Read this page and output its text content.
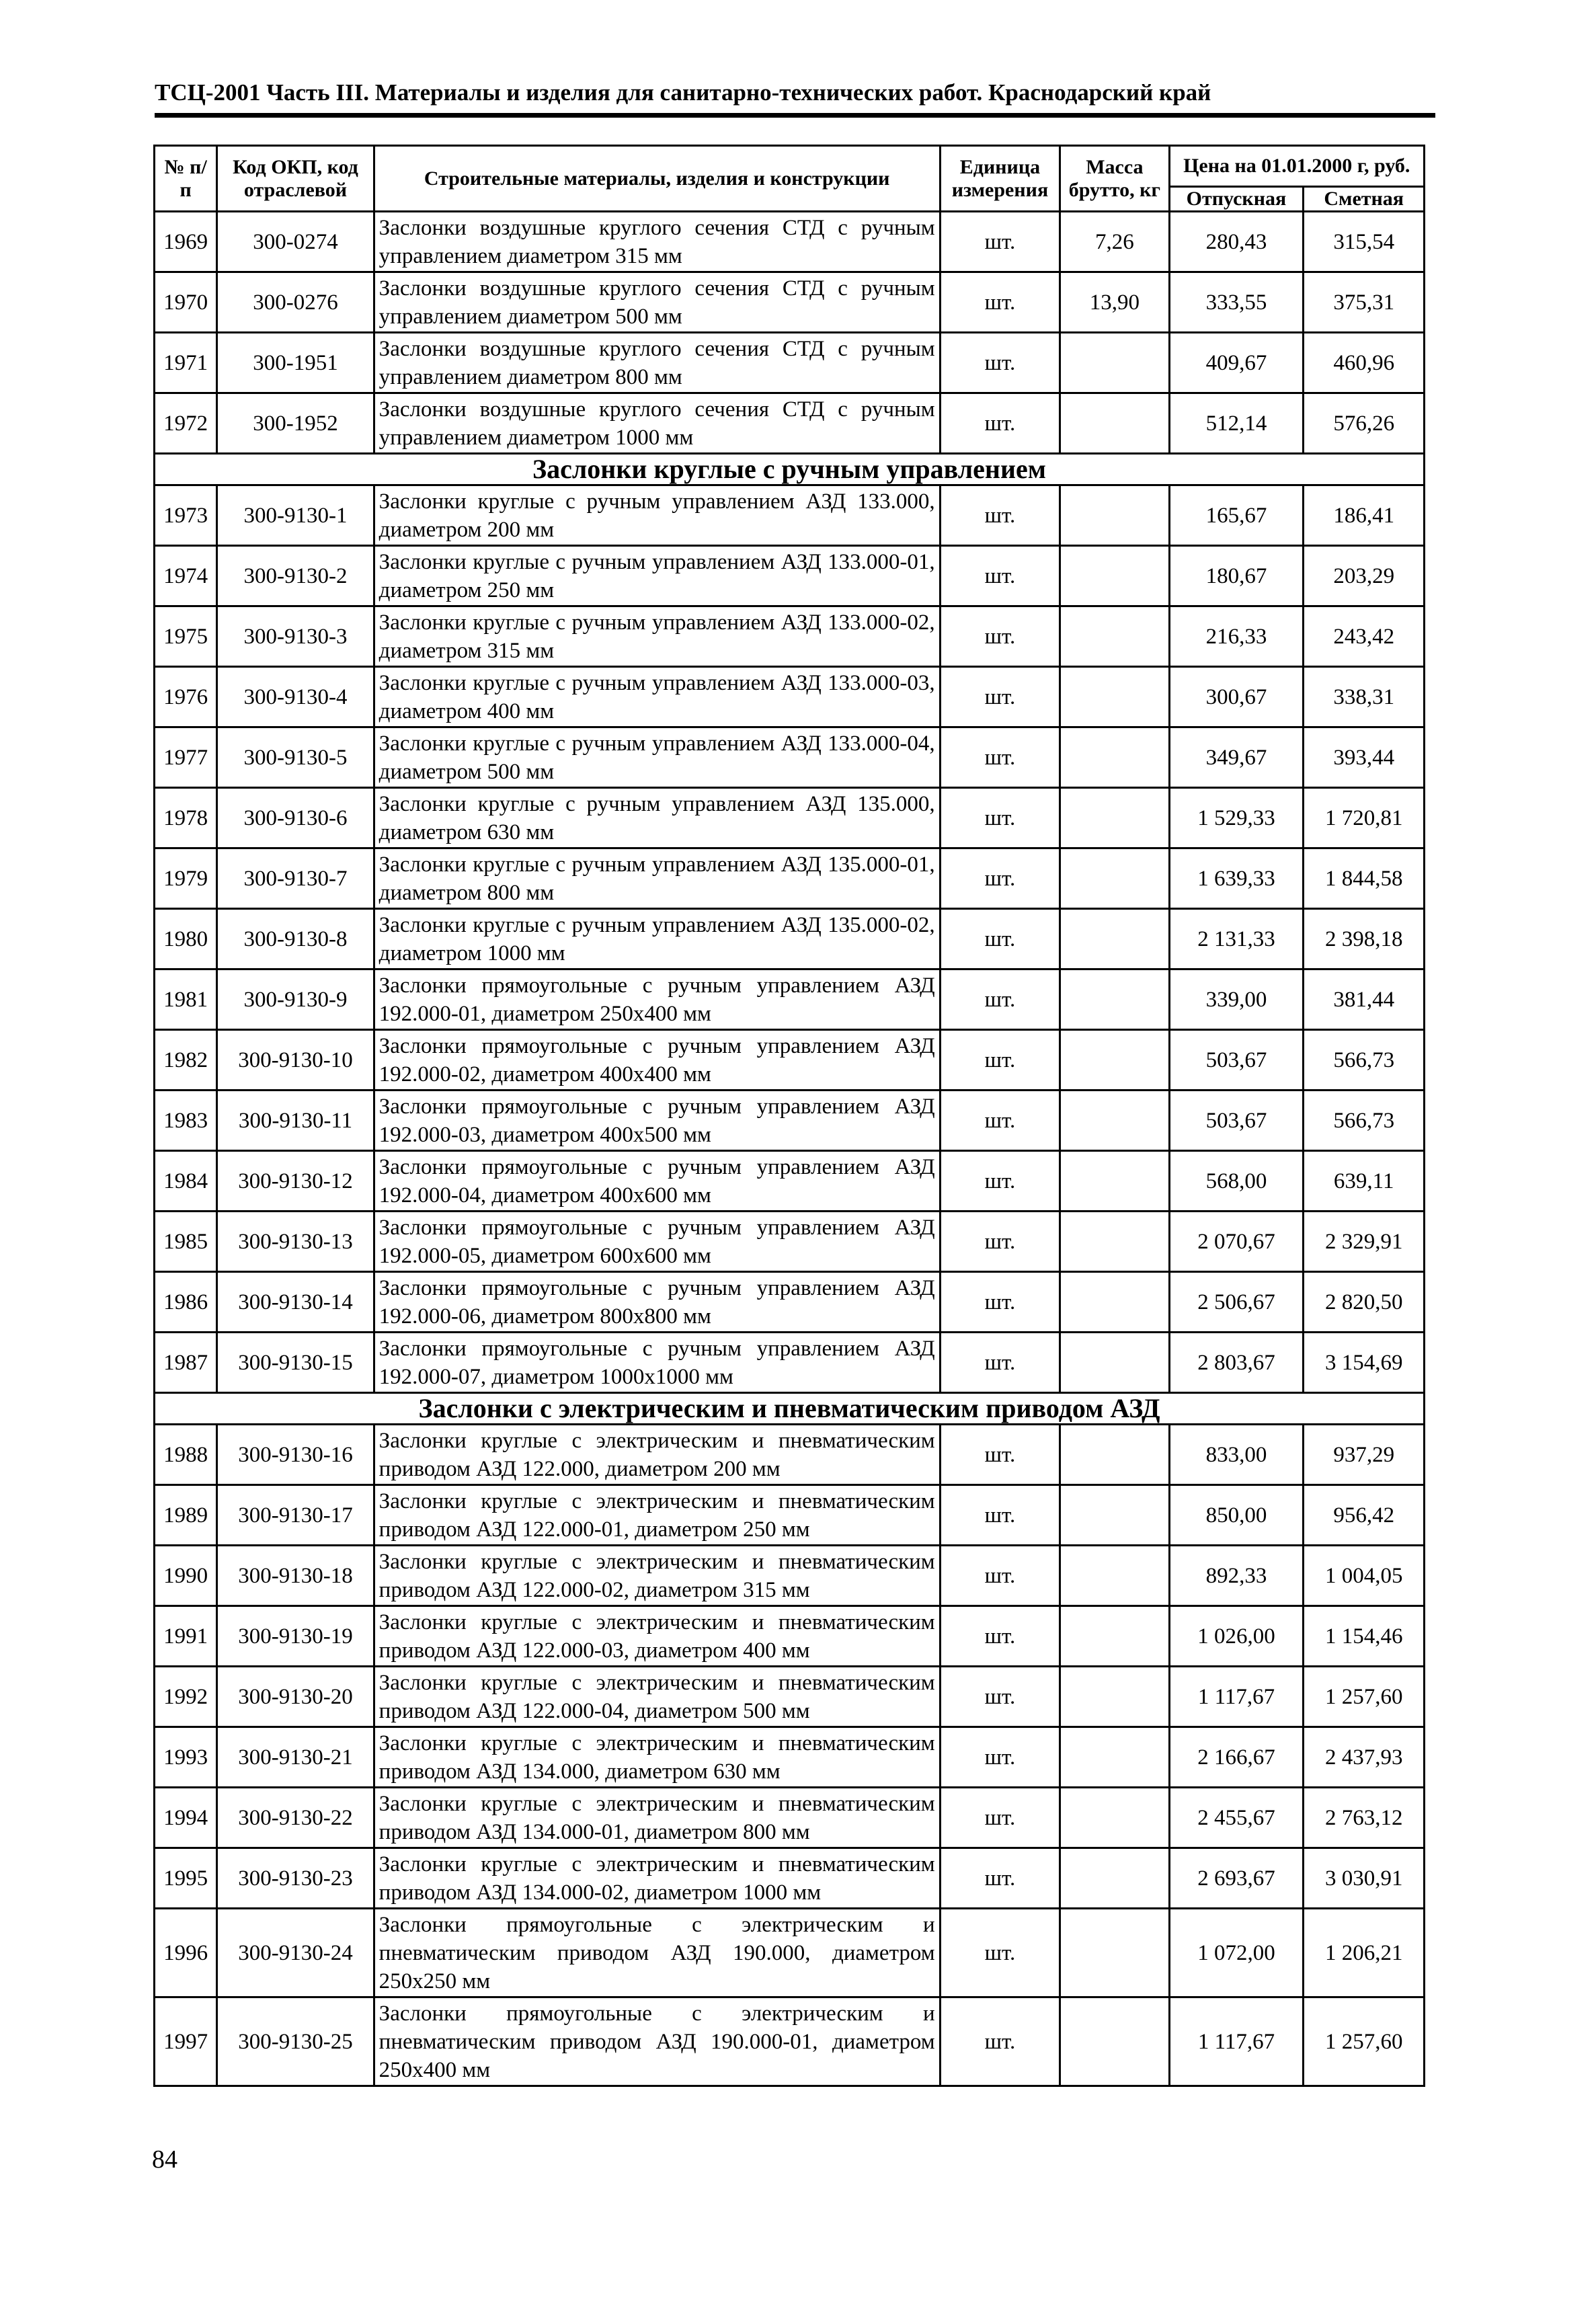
ТСЦ-2001 Часть III. Материалы и изделия для санитарно-технических работ. Краснодарский край
№ п/п	Код ОКП, код отраслевой	Строительные материалы, изделия и конструкции	Единица измерения	Масса брутто, кг	Цена на 01.01.2000 г, руб.	
					Отпускная	Сметная
1969	300-0274	Заслонки воздушные круглого сечения СТД с ручным управлением диаметром 315 мм	шт.	7,26	280,43	315,54
1970	300-0276	Заслонки воздушные круглого сечения СТД с ручным управлением диаметром 500 мм	шт.	13,90	333,55	375,31
1971	300-1951	Заслонки воздушные круглого сечения СТД с ручным управлением диаметром 800 мм	шт.		409,67	460,96
1972	300-1952	Заслонки воздушные круглого сечения СТД с ручным управлением диаметром 1000 мм	шт.		512,14	576,26
Заслонки круглые с ручным управлением						
1973	300-9130-1	Заслонки круглые с ручным управлением АЗД 133.000, диаметром 200 мм	шт.		165,67	186,41
1974	300-9130-2	Заслонки круглые с ручным управлением АЗД 133.000-01, диаметром 250 мм	шт.		180,67	203,29
1975	300-9130-3	Заслонки круглые с ручным управлением АЗД 133.000-02, диаметром 315 мм	шт.		216,33	243,42
1976	300-9130-4	Заслонки круглые с ручным управлением АЗД 133.000-03, диаметром 400 мм	шт.		300,67	338,31
1977	300-9130-5	Заслонки круглые с ручным управлением АЗД 133.000-04, диаметром 500 мм	шт.		349,67	393,44
1978	300-9130-6	Заслонки круглые с ручным управлением АЗД 135.000, диаметром 630 мм	шт.		1 529,33	1 720,81
1979	300-9130-7	Заслонки круглые с ручным управлением АЗД 135.000-01, диаметром 800 мм	шт.		1 639,33	1 844,58
1980	300-9130-8	Заслонки круглые с ручным управлением АЗД 135.000-02, диаметром 1000 мм	шт.		2 131,33	2 398,18
1981	300-9130-9	Заслонки прямоугольные с ручным управлением АЗД 192.000-01, диаметром 250x400 мм	шт.		339,00	381,44
1982	300-9130-10	Заслонки прямоугольные с ручным управлением АЗД 192.000-02, диаметром 400x400 мм	шт.		503,67	566,73
1983	300-9130-11	Заслонки прямоугольные с ручным управлением АЗД 192.000-03, диаметром 400x500 мм	шт.		503,67	566,73
1984	300-9130-12	Заслонки прямоугольные с ручным управлением АЗД 192.000-04, диаметром 400x600 мм	шт.		568,00	639,11
1985	300-9130-13	Заслонки прямоугольные с ручным управлением АЗД 192.000-05, диаметром 600x600 мм	шт.		2 070,67	2 329,91
1986	300-9130-14	Заслонки прямоугольные с ручным управлением АЗД 192.000-06, диаметром 800x800 мм	шт.		2 506,67	2 820,50
1987	300-9130-15	Заслонки прямоугольные с ручным управлением АЗД 192.000-07, диаметром 1000x1000 мм	шт.		2 803,67	3 154,69
Заслонки с электрическим и пневматическим приводом АЗД						
1988	300-9130-16	Заслонки круглые с электрическим и пневматическим приводом АЗД 122.000, диаметром 200 мм	шт.		833,00	937,29
1989	300-9130-17	Заслонки круглые с электрическим и пневматическим приводом АЗД 122.000-01, диаметром 250 мм	шт.		850,00	956,42
1990	300-9130-18	Заслонки круглые с электрическим и пневматическим приводом АЗД 122.000-02, диаметром 315 мм	шт.		892,33	1 004,05
1991	300-9130-19	Заслонки круглые с электрическим и пневматическим приводом АЗД 122.000-03, диаметром 400 мм	шт.		1 026,00	1 154,46
1992	300-9130-20	Заслонки круглые с электрическим и пневматическим приводом АЗД 122.000-04, диаметром 500 мм	шт.		1 117,67	1 257,60
1993	300-9130-21	Заслонки круглые с электрическим и пневматическим приводом АЗД 134.000, диаметром 630 мм	шт.		2 166,67	2 437,93
1994	300-9130-22	Заслонки круглые с электрическим и пневматическим приводом АЗД 134.000-01, диаметром 800 мм	шт.		2 455,67	2 763,12
1995	300-9130-23	Заслонки круглые с электрическим и пневматическим приводом АЗД 134.000-02, диаметром 1000 мм	шт.		2 693,67	3 030,91
1996	300-9130-24	Заслонки прямоугольные с электрическим и пневматическим приводом АЗД 190.000, диаметром 250x250 мм	шт.		1 072,00	1 206,21
1997	300-9130-25	Заслонки прямоугольные с электрическим и пневматическим приводом АЗД 190.000-01, диаметром 250x400 мм	шт.		1 117,67	1 257,60
84
